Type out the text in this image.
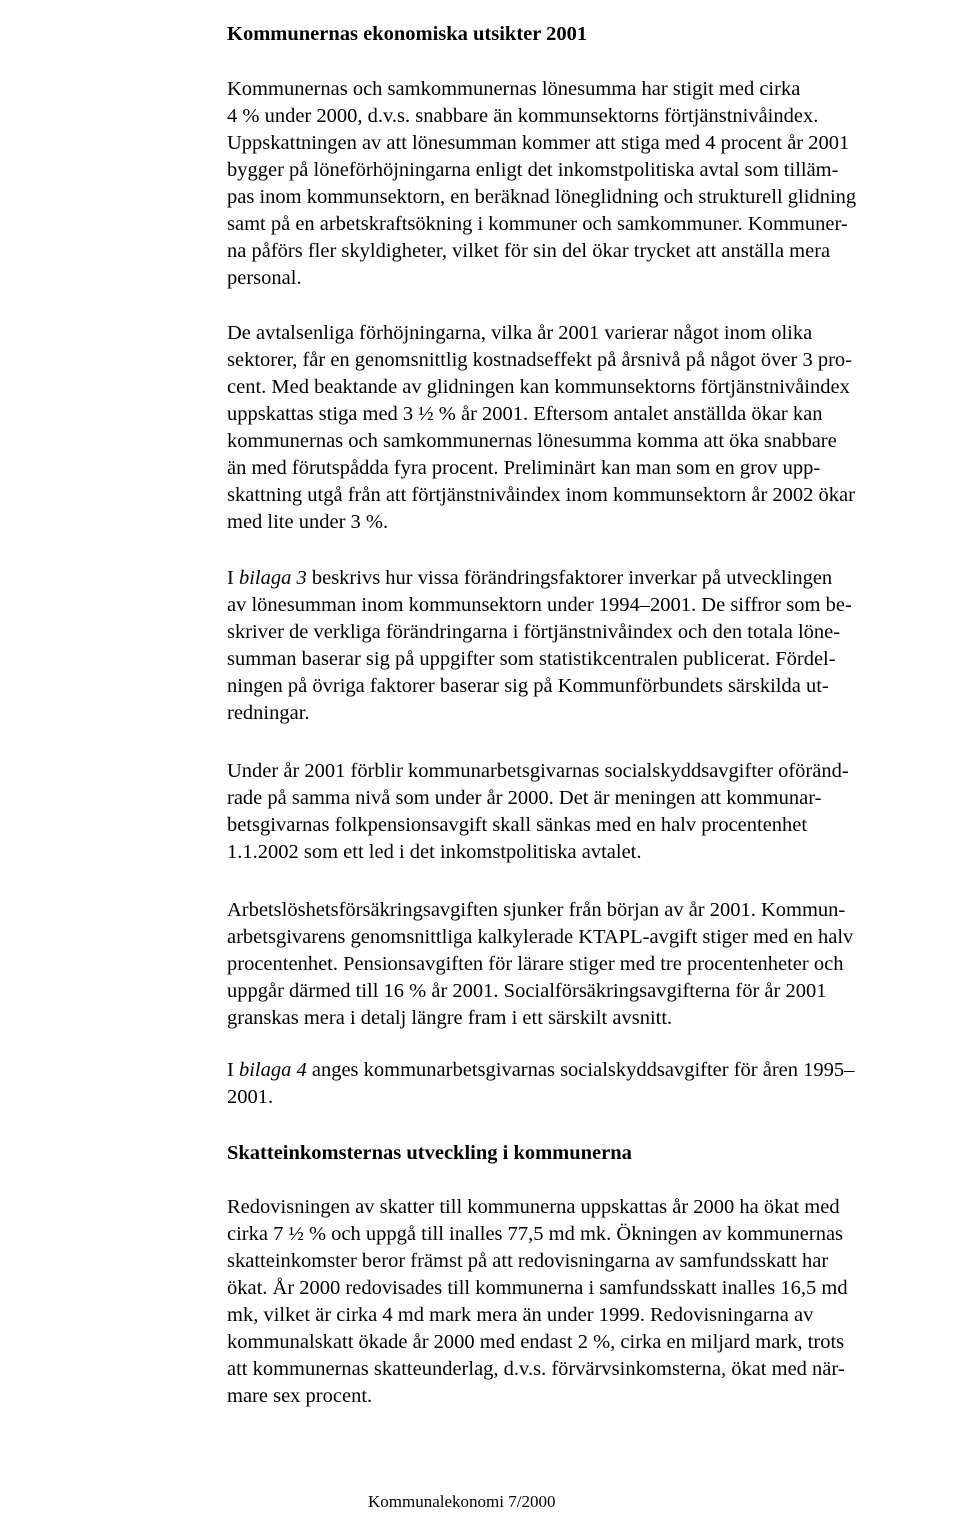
Kommunernas ekonomiska utsikter 2001

Kommunernas och samkommunernas lönesumma har stigit med cirka
4 % under 2000, d.v.s. snabbare än kommunsektorns förtjänstnivåindex.
Uppskattningen av att lönesumman kommer att stiga med 4 procent år 2001
bygger på löneförhöjningarna enligt det inkomstpolitiska avtal som tilläm-
pas inom kommunsektorn, en beräknad löneglidning och strukturell glidning
samt på en arbetskraftsökning i kommuner och samkommuner. Kommuner-
na påförs fler skyldigheter, vilket för sin del ökar trycket att anställa mera
personal.

De avtalsenliga förhöjningarna, vilka år 2001 varierar något inom olika
sektorer, får en genomsnittlig kostnadseffekt på årsnivå på något över 3 pro-
cent. Med beaktande av glidningen kan kommunsektorns förtjänstnivåindex
uppskattas stiga med 3 ½ % år 2001. Eftersom antalet anställda ökar kan
kommunernas och samkommunernas lönesumma komma att öka snabbare
än med förutspådda fyra procent. Preliminärt kan man som en grov upp-
skattning utgå från att förtjänstnivåindex inom kommunsektorn år 2002 ökar
med lite under 3 %.

I bilaga 3 beskrivs hur vissa förändringsfaktorer inverkar på utvecklingen
av lönesumman inom kommunsektorn under 1994–2001. De siffror som be-
skriver de verkliga förändringarna i förtjänstnivåindex och den totala löne-
summan baserar sig på uppgifter som statistikcentralen publicerat. Fördel-
ningen på övriga faktorer baserar sig på Kommunförbundets särskilda ut-
redningar.

Under år 2001 förblir kommunarbetsgivarnas socialskyddsavgifter oföränd-
rade på samma nivå som under år 2000. Det är meningen att kommunar-
betsgivarnas folkpensionsavgift skall sänkas med en halv procentenhet
1.1.2002 som ett led i det inkomstpolitiska avtalet.

Arbetslöshetsförsäkringsavgiften sjunker från början av år 2001. Kommun-
arbetsgivarens genomsnittliga kalkylerade KTAPL-avgift stiger med en halv
procentenhet. Pensionsavgiften för lärare stiger med tre procentenheter och
uppgår därmed till 16 % år 2001. Socialförsäkringsavgifterna för år 2001
granskas mera i detalj längre fram i ett särskilt avsnitt.

I bilaga 4 anges kommunarbetsgivarnas socialskyddsavgifter för åren 1995–
2001.

Skatteinkomsternas utveckling i kommunerna

Redovisningen av skatter till kommunerna uppskattas år 2000 ha ökat med
cirka 7 ½ % och uppgå till inalles 77,5 md mk. Ökningen av kommunernas
skatteinkomster beror främst på att redovisningarna av samfundsskatt har
ökat. År 2000 redovisades till kommunerna i samfundsskatt inalles 16,5 md
mk, vilket är cirka 4 md mark mera än under 1999. Redovisningarna av
kommunalskatt ökade år 2000 med endast 2 %, cirka en miljard mark, trots
att kommunernas skatteunderlag, d.v.s. förvärvsinkomsterna, ökat med när-
mare sex procent.

Kommunalekonomi 7/2000
